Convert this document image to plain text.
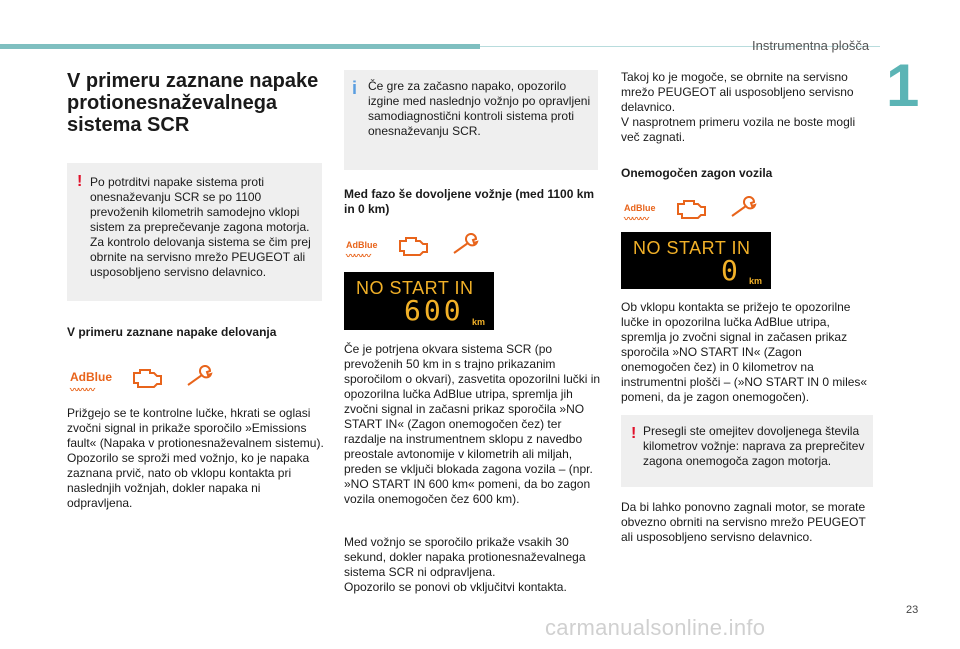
Instrumentna plošča
1
V primeru zaznane napake protionesnaževalnega sistema SCR
! Po potrditvi napake sistema proti onesnaževanju SCR se po 1100 prevoženih kilometrih samodejno vklopi sistem za preprečevanje zagona motorja. Za kontrolo delovanja sistema se čim prej obrnite na servisno mrežo PEUGEOT ali usposobljeno servisno delavnico.

V primeru zaznane napake delovanja

AdBlue
〰〰〰

Prižgejo se te kontrolne lučke, hkrati se oglasi zvočni signal in prikaže sporočilo »Emissions fault« (Napaka v protionesnaževalnem sistemu).
Opozorilo se sproži med vožnjo, ko je napaka zaznana prvič, nato ob vklopu kontakta pri naslednjih vožnjah, dokler napaka ni odpravljena.

i Če gre za začasno napako, opozorilo izgine med naslednjo vožnjo po opravljeni samodiagnostični kontroli sistema proti onesnaževanju SCR.

Med fazo še dovoljene vožnje (med 1100 km in 0 km)

AdBlue
〰〰〰
NO START IN
600 km

Če je potrjena okvara sistema SCR (po prevoženih 50 km in s trajno prikazanim sporočilom o okvari), zasvetita opozorilni lučki in opozorilna lučka AdBlue utripa, spremlja jih zvočni signal in začasni prikaz sporočila »NO START IN« (Zagon onemogočen čez) ter razdalje na instrumentnem sklopu z navedbo preostale avtonomije v kilometrih ali miljah, preden se vključi blokada zagona vozila – (npr. »NO START IN 600 km« pomeni, da bo zagon vozila onemogočen čez 600 km).

Med vožnjo se sporočilo prikaže vsakih 30 sekund, dokler napaka protionesnaževalnega sistema SCR ni odpravljena.
Opozorilo se ponovi ob vključitvi kontakta.

Takoj ko je mogoče, se obrnite na servisno mrežo PEUGEOT ali usposobljeno servisno delavnico.
V nasprotnem primeru vozila ne boste mogli več zagnati.

Onemogočen zagon vozila

AdBlue
〰〰〰
NO START IN
0 km

Ob vklopu kontakta se prižejo te opozorilne lučke in opozorilna lučka AdBlue utripa, spremlja jo zvočni signal in začasen prikaz sporočila »NO START IN« (Zagon onemogočen čez) in 0 kilometrov na instrumentni plošči – (»NO START IN 0 miles« pomeni, da je zagon onemogočen).

! Presegli ste omejitev dovoljenega števila kilometrov vožnje: naprava za preprečitev zagona onemogoča zagon motorja.

Da bi lahko ponovno zagnali motor, se morate obvezno obrniti na servisno mrežo PEUGEOT ali usposobljeno servisno delavnico.

23
carmanualsonline.info
